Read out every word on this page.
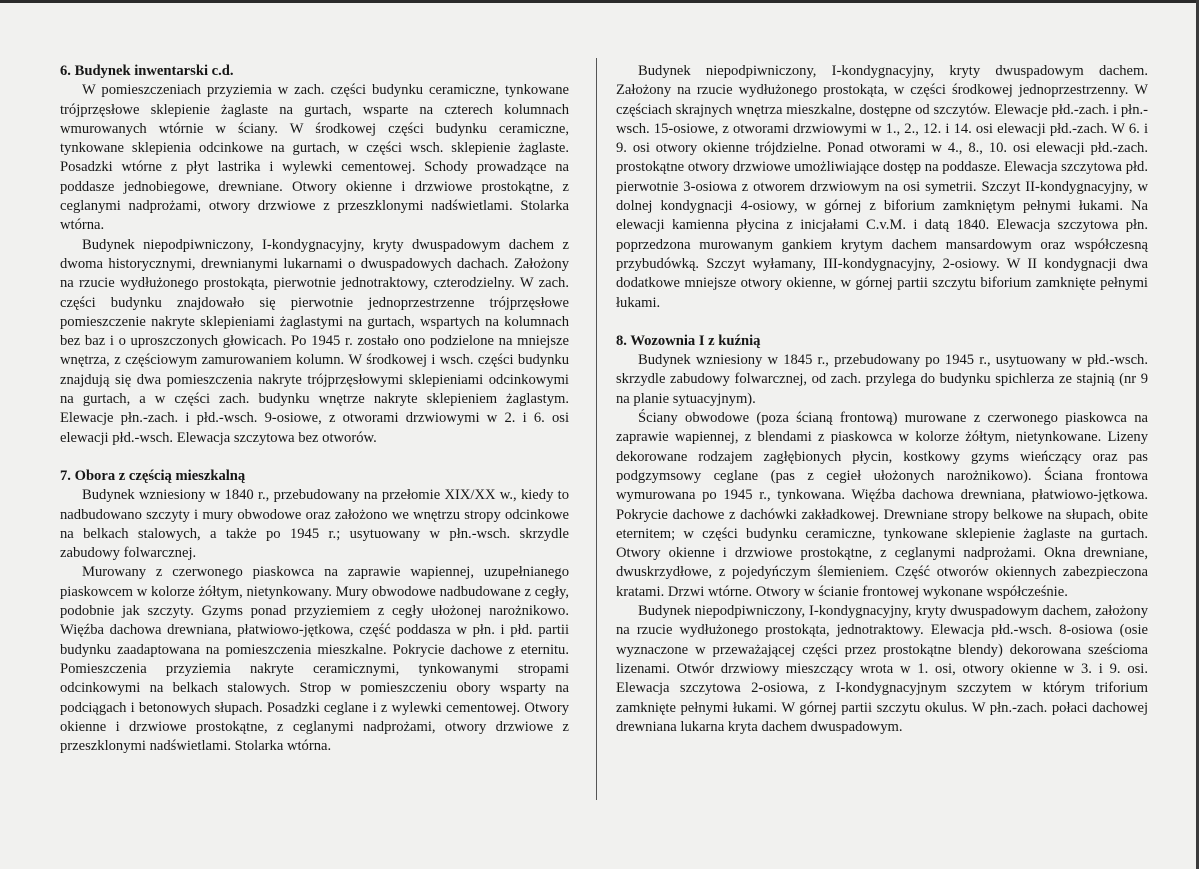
6. Budynek inwentarski c.d.

W pomieszczeniach przyziemia w zach. części budynku ceramiczne, tynkowane trójprzęsłowe sklepienie żaglaste na gurtach, wsparte na czterech kolumnach wmurowanych wtórnie w ściany. W środkowej części budynku ceramiczne, tynkowane sklepienia odcinkowe na gurtach, w części wsch. sklepienie żaglaste. Posadzki wtórne z płyt lastrika i wylewki cementowej. Schody prowadzące na poddasze jednobiegowe, drewniane. Otwory okienne i drzwiowe prostokątne, z ceglanymi nadprożami, otwory drzwiowe z przeszklonymi nadświetlami. Stolarka wtórna.

Budynek niepodpiwniczony, I-kondygnacyjny, kryty dwuspadowym dachem z dwoma historycznymi, drewnianymi lukarnami o dwuspadowych dachach. Założony na rzucie wydłużonego prostokąta, pierwotnie jednotraktowy, czterodzielny. W zach. części budynku znajdowało się pierwotnie jednoprzestrzenne trójprzęsłowe pomieszczenie nakryte sklepieniami żaglastymi na gurtach, wspartych na kolumnach bez baz i o uproszczonych głowicach. Po 1945 r. zostało ono podzielone na mniejsze wnętrza, z częściowym zamurowaniem kolumn. W środkowej i wsch. części budynku znajdują się dwa pomieszczenia nakryte trójprzęsłowymi sklepieniami odcinkowymi na gurtach, a w części zach. budynku wnętrze nakryte sklepieniem żaglastym. Elewacje płn.-zach. i płd.-wsch. 9-osiowe, z otworami drzwiowymi w 2. i 6. osi elewacji płd.-wsch. Elewacja szczytowa bez otworów.

7. Obora z częścią mieszkalną

Budynek wzniesiony w 1840 r., przebudowany na przełomie XIX/XX w., kiedy to nadbudowano szczyty i mury obwodowe oraz założono we wnętrzu stropy odcinkowe na belkach stalowych, a także po 1945 r.; usytuowany w płn.-wsch. skrzydle zabudowy folwarcznej.

Murowany z czerwonego piaskowca na zaprawie wapiennej, uzupełnianego piaskowcem w kolorze żółtym, nietynkowany. Mury obwodowe nadbudowane z cegły, podobnie jak szczyty. Gzyms ponad przyziemiem z cegły ułożonej narożnikowo. Więźba dachowa drewniana, płatwiowo-jętkowa, część poddasza w płn. i płd. partii budynku zaadaptowana na pomieszczenia mieszkalne. Pokrycie dachowe z eternitu. Pomieszczenia przyziemia nakryte ceramicznymi, tynkowanymi stropami odcinkowymi na belkach stalowych. Strop w pomieszczeniu obory wsparty na podciągach i betonowych słupach. Posadzki ceglane i z wylewki cementowej. Otwory okienne i drzwiowe prostokątne, z ceglanymi nadprożami, otwory drzwiowe z przeszklonymi nadświetlami. Stolarka wtórna.

Budynek niepodpiwniczony, I-kondygnacyjny, kryty dwuspadowym dachem. Założony na rzucie wydłużonego prostokąta, w części środkowej jednoprzestrzenny. W częściach skrajnych wnętrza mieszkalne, dostępne od szczytów. Elewacje płd.-zach. i płn.-wsch. 15-osiowe, z otworami drzwiowymi w 1., 2., 12. i 14. osi elewacji płd.-zach. W 6. i 9. osi otwory okienne trójdzielne. Ponad otworami w 4., 8., 10. osi elewacji płd.-zach. prostokątne otwory drzwiowe umożliwiające dostęp na poddasze. Elewacja szczytowa płd. pierwotnie 3-osiowa z otworem drzwiowym na osi symetrii. Szczyt II-kondygnacyjny, w dolnej kondygnacji 4-osiowy, w górnej z biforium zamkniętym pełnymi łukami. Na elewacji kamienna płycina z inicjałami C.v.M. i datą 1840. Elewacja szczytowa płn. poprzedzona murowanym gankiem krytym dachem mansardowym oraz współczesną przybudówką. Szczyt wyłamany, III-kondygnacyjny, 2-osiowy. W II kondygnacji dwa dodatkowe mniejsze otwory okienne, w górnej partii szczytu biforium zamknięte pełnymi łukami.

8. Wozownia I z kuźnią

Budynek wzniesiony w 1845 r., przebudowany po 1945 r., usytuowany w płd.-wsch. skrzydle zabudowy folwarcznej, od zach. przylega do budynku spichlerza ze stajnią (nr 9 na planie sytuacyjnym).

Ściany obwodowe (poza ścianą frontową) murowane z czerwonego piaskowca na zaprawie wapiennej, z blendami z piaskowca w kolorze żółtym, nietynkowane. Lizeny dekorowane rodzajem zagłębionych płycin, kostkowy gzyms wieńczący oraz pas podgzymsowy ceglane (pas z cegieł ułożonych narożnikowo). Ściana frontowa wymurowana po 1945 r., tynkowana. Więźba dachowa drewniana, płatwiowo-jętkowa. Pokrycie dachowe z dachówki zakładkowej. Drewniane stropy belkowe na słupach, obite eternitem; w części budynku ceramiczne, tynkowane sklepienie żaglaste na gurtach. Otwory okienne i drzwiowe prostokątne, z ceglanymi nadprożami. Okna drewniane, dwuskrzydłowe, z pojedyńczym ślemieniem. Część otworów okiennych zabezpieczona kratami. Drzwi wtórne. Otwory w ścianie frontowej wykonane współcześnie.

Budynek niepodpiwniczony, I-kondygnacyjny, kryty dwuspadowym dachem, założony na rzucie wydłużonego prostokąta, jednotraktowy. Elewacja płd.-wsch. 8-osiowa (osie wyznaczone w przeważającej części przez prostokątne blendy) dekorowana sześcioma lizenami. Otwór drzwiowy mieszczący wrota w 1. osi, otwory okienne w 3. i 9. osi. Elewacja szczytowa 2-osiowa, z I-kondygnacyjnym szczytem w którym triforium zamknięte pełnymi łukami. W górnej partii szczytu okulus. W płn.-zach. połaci dachowej drewniana lukarna kryta dachem dwuspadowym.
